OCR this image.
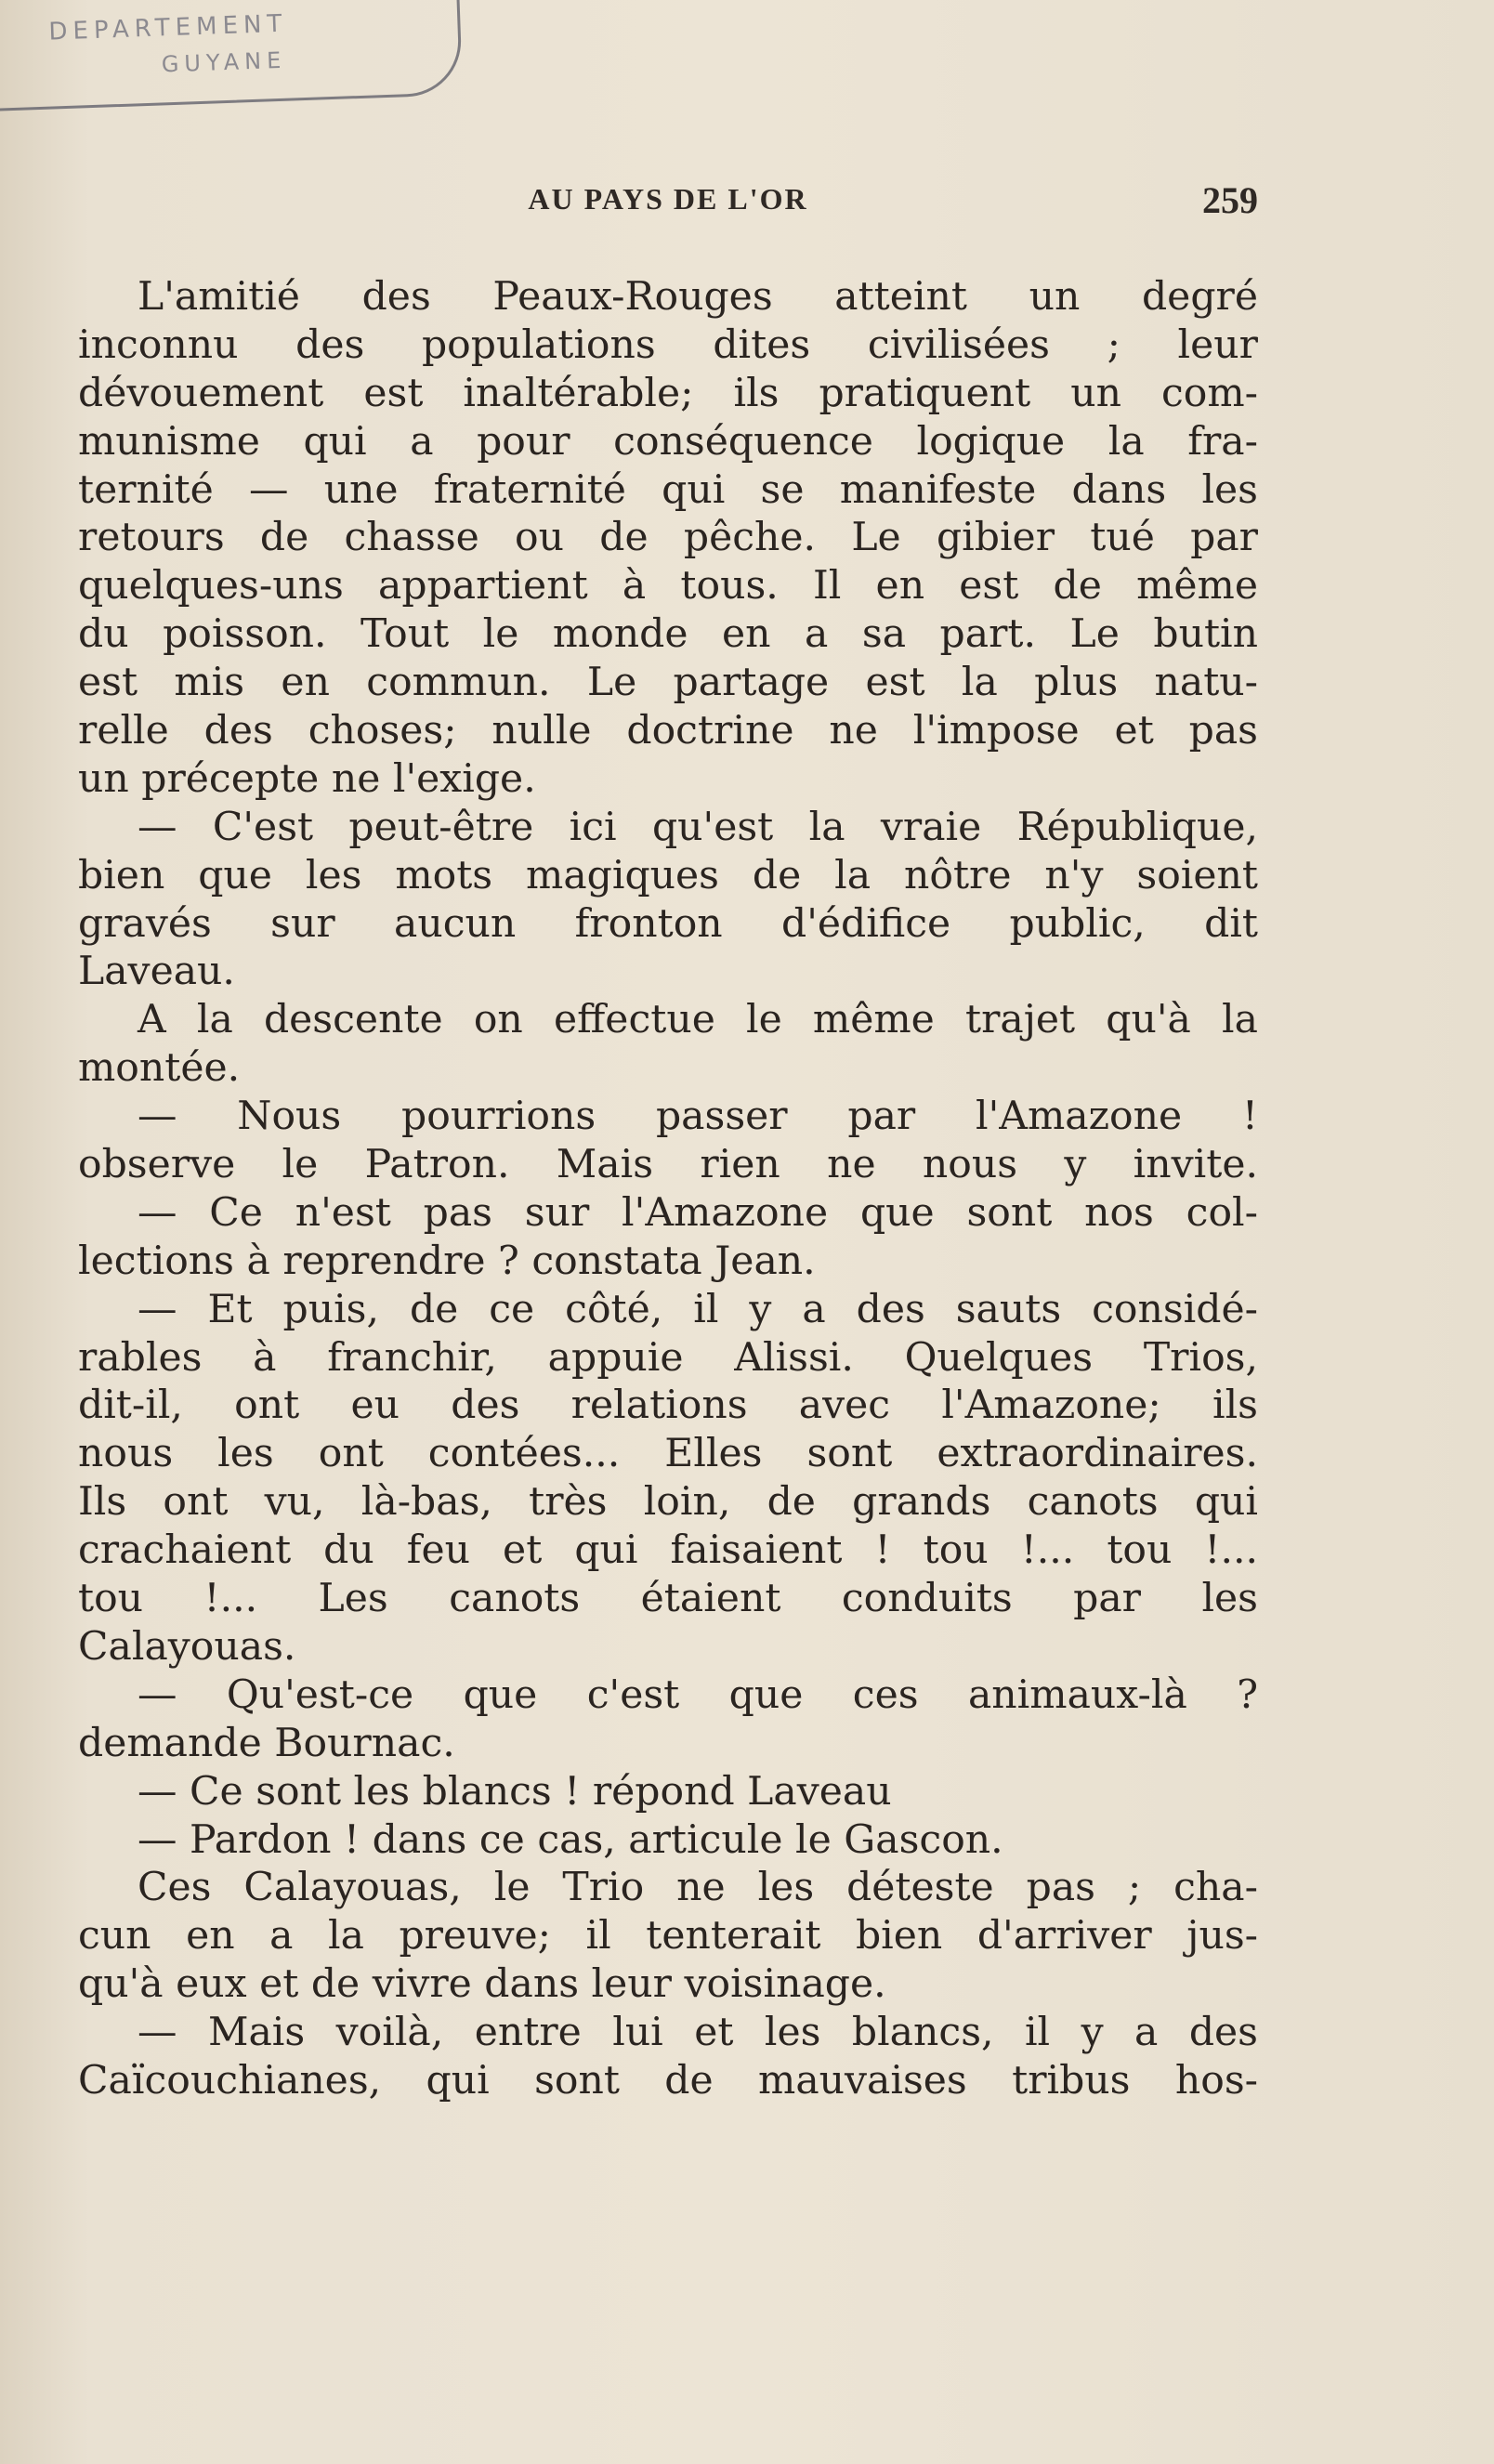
DEPARTEMENT
GUYANE
AU PAYS DE L'OR	259
L'amitié des Peaux-Rouges atteint un degré
inconnu des populations dites civilisées ; leur
dévouement est inaltérable; ils pratiquent un com-
munisme qui a pour conséquence logique la fra-
ternité — une fraternité qui se manifeste dans les
retours de chasse ou de pêche. Le gibier tué par
quelques-uns appartient à tous. Il en est de même
du poisson. Tout le monde en a sa part. Le butin
est mis en commun. Le partage est la plus natu-
relle des choses; nulle doctrine ne l'impose et pas
un précepte ne l'exige.
— C'est peut-être ici qu'est la vraie République,
bien que les mots magiques de la nôtre n'y soient
gravés sur aucun fronton d'édifice public, dit
Laveau.
A la descente on effectue le même trajet qu'à la
montée.
— Nous pourrions passer par l'Amazone !
observe le Patron. Mais rien ne nous y invite.
— Ce n'est pas sur l'Amazone que sont nos col-
lections à reprendre ? constata Jean.
— Et puis, de ce côté, il y a des sauts considé-
rables à franchir, appuie Alissi. Quelques Trios,
dit-il, ont eu des relations avec l'Amazone; ils
nous les ont contées... Elles sont extraordinaires.
Ils ont vu, là-bas, très loin, de grands canots qui
crachaient du feu et qui faisaient ! tou !... tou !...
tou !... Les canots étaient conduits par les
Calayouas.
— Qu'est-ce que c'est que ces animaux-là ?
demande Bournac.
— Ce sont les blancs ! répond Laveau
— Pardon ! dans ce cas, articule le Gascon.
Ces Calayouas, le Trio ne les déteste pas ; cha-
cun en a la preuve; il tenterait bien d'arriver jus-
qu'à eux et de vivre dans leur voisinage.
— Mais voilà, entre lui et les blancs, il y a des
Caïcouchianes, qui sont de mauvaises tribus hos-
